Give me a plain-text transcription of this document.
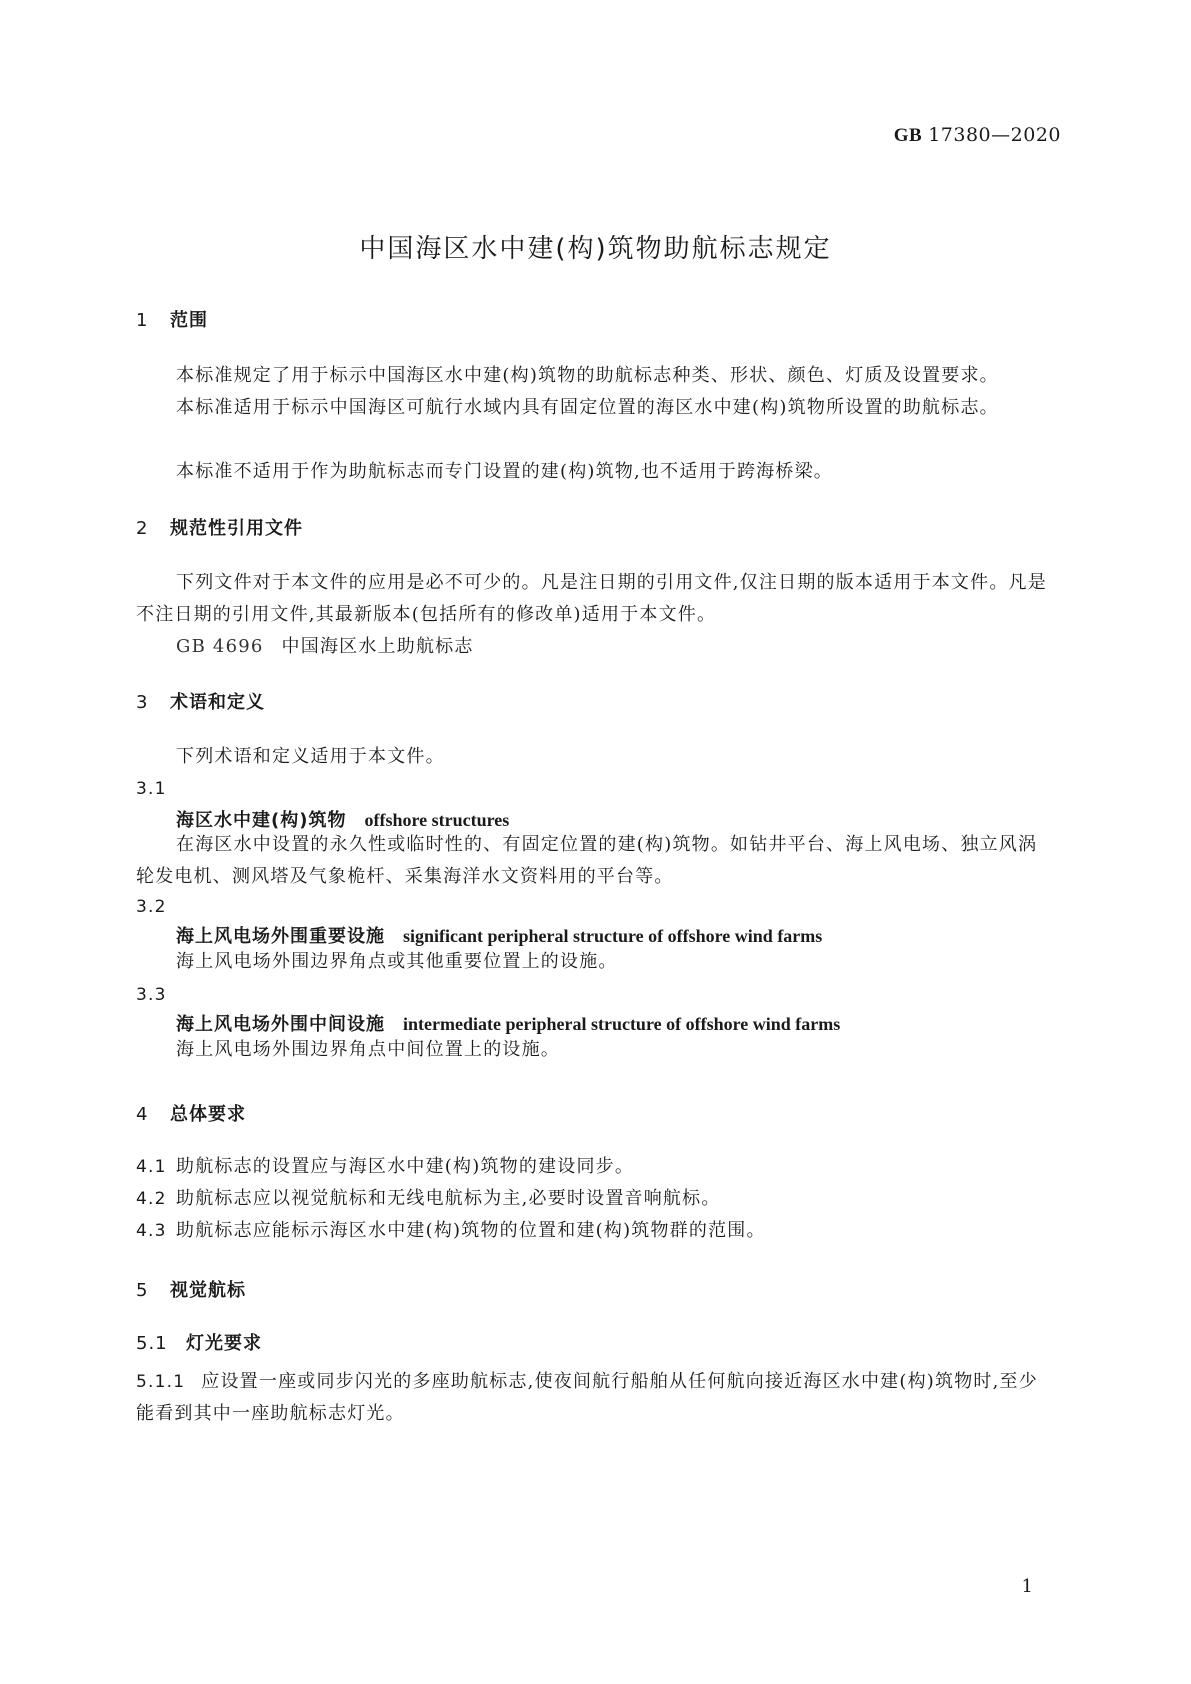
GB 17380—2020
中国海区水中建(构)筑物助航标志规定
1 范围
本标准规定了用于标示中国海区水中建(构)筑物的助航标志种类、形状、颜色、灯质及设置要求。
本标准适用于标示中国海区可航行水域内具有固定位置的海区水中建(构)筑物所设置的助航标志。
本标准不适用于作为助航标志而专门设置的建(构)筑物,也不适用于跨海桥梁。
2 规范性引用文件
下列文件对于本文件的应用是必不可少的。凡是注日期的引用文件,仅注日期的版本适用于本文件。凡是不注日期的引用文件,其最新版本(包括所有的修改单)适用于本文件。
GB 4696 中国海区水上助航标志
3 术语和定义
下列术语和定义适用于本文件。
3.1
海区水中建(构)筑物 offshore structures
在海区水中设置的永久性或临时性的、有固定位置的建(构)筑物。如钻井平台、海上风电场、独立风涡轮发电机、测风塔及气象桅杆、采集海洋水文资料用的平台等。
3.2
海上风电场外围重要设施 significant peripheral structure of offshore wind farms
海上风电场外围边界角点或其他重要位置上的设施。
3.3
海上风电场外围中间设施 intermediate peripheral structure of offshore wind farms
海上风电场外围边界角点中间位置上的设施。
4 总体要求
4.1 助航标志的设置应与海区水中建(构)筑物的建设同步。
4.2 助航标志应以视觉航标和无线电航标为主,必要时设置音响航标。
4.3 助航标志应能标示海区水中建(构)筑物的位置和建(构)筑物群的范围。
5 视觉航标
5.1 灯光要求
5.1.1 应设置一座或同步闪光的多座助航标志,使夜间航行船舶从任何航向接近海区水中建(构)筑物时,至少能看到其中一座助航标志灯光。
1
